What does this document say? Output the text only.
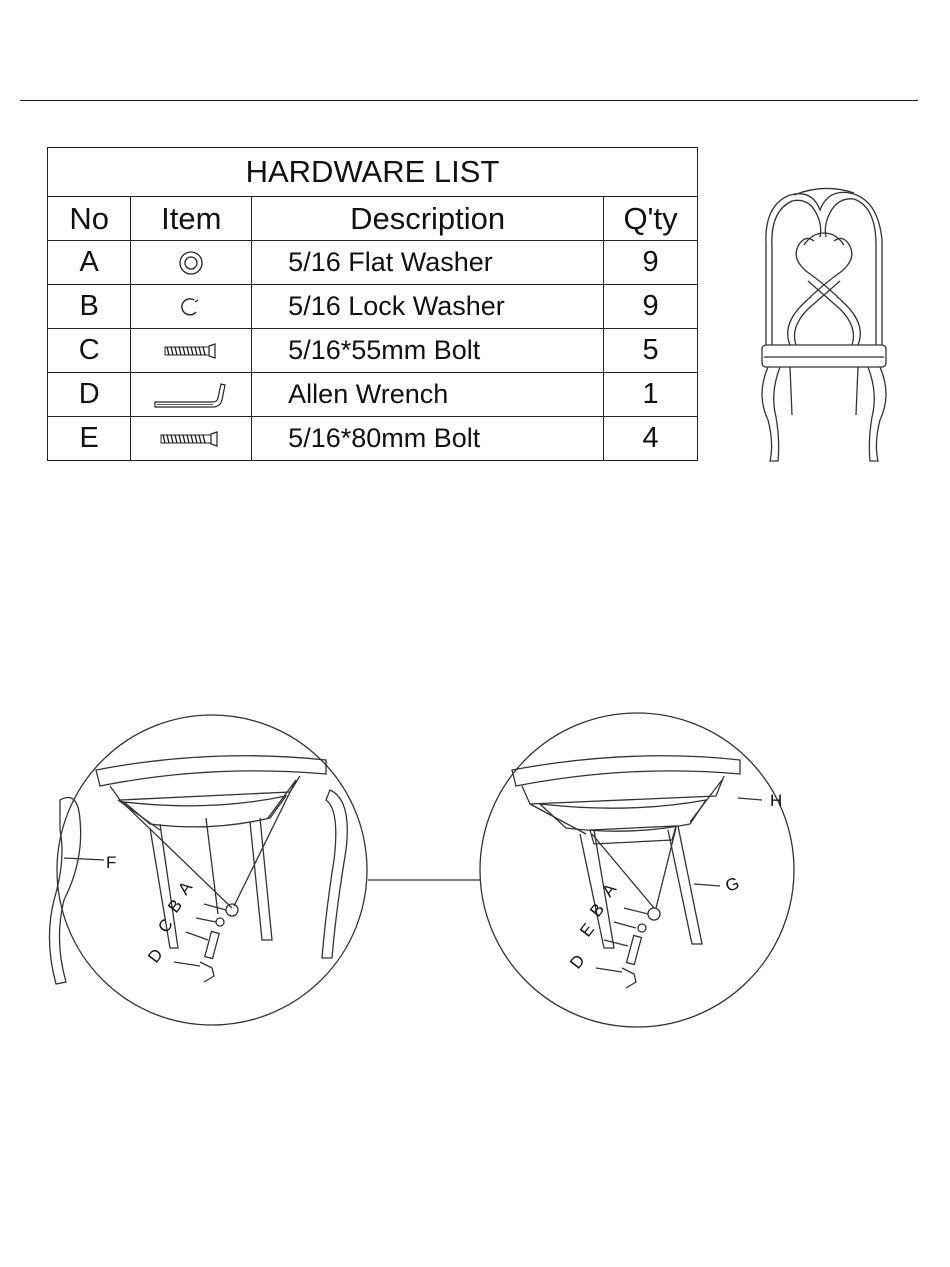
HARDWARE LIST			
No	Item	Description	Q'ty
A		5/16 Flat Washer	9
B		5/16 Lock Washer	9
C		5/16*55mm Bolt	5
D		Allen Wrench	1
E		5/16*80mm Bolt	4
A
B
C
D
F
A
B
E
D
G
H
